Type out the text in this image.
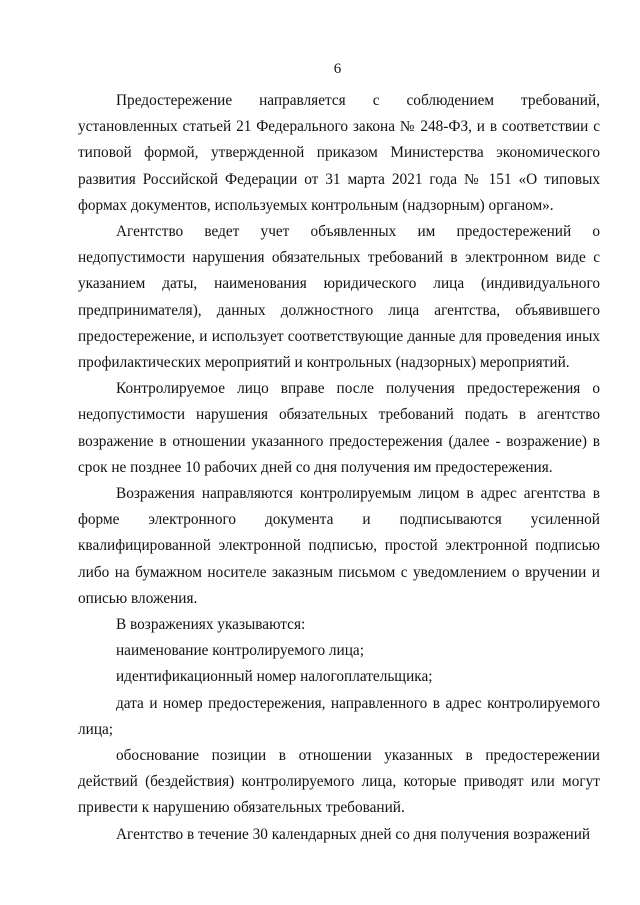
6

Предостережение направляется с соблюдением требований, установленных статьей 21 Федерального закона № 248-ФЗ, и в соответствии с типовой формой, утвержденной приказом Министерства экономического развития Российской Федерации от 31 марта 2021 года № 151 «О типовых формах документов, используемых контрольным (надзорным) органом».

Агентство ведет учет объявленных им предостережений о недопустимости нарушения обязательных требований в электронном виде с указанием даты, наименования юридического лица (индивидуального предпринимателя), данных должностного лица агентства, объявившего предостережение, и использует соответствующие данные для проведения иных профилактических мероприятий и контрольных (надзорных) мероприятий.

Контролируемое лицо вправе после получения предостережения о недопустимости нарушения обязательных требований подать в агентство возражение в отношении указанного предостережения (далее - возражение) в срок не позднее 10 рабочих дней со дня получения им предостережения.

Возражения направляются контролируемым лицом в адрес агентства в форме электронного документа и подписываются усиленной квалифицированной электронной подписью, простой электронной подписью либо на бумажном носителе заказным письмом с уведомлением о вручении и описью вложения.

В возражениях указываются:

наименование контролируемого лица;

идентификационный номер налогоплательщика;

дата и номер предостережения, направленного в адрес контролируемого лица;

обоснование позиции в отношении указанных в предостережении действий (бездействия) контролируемого лица, которые приводят или могут привести к нарушению обязательных требований.

Агентство в течение 30 календарных дней со дня получения возражений
